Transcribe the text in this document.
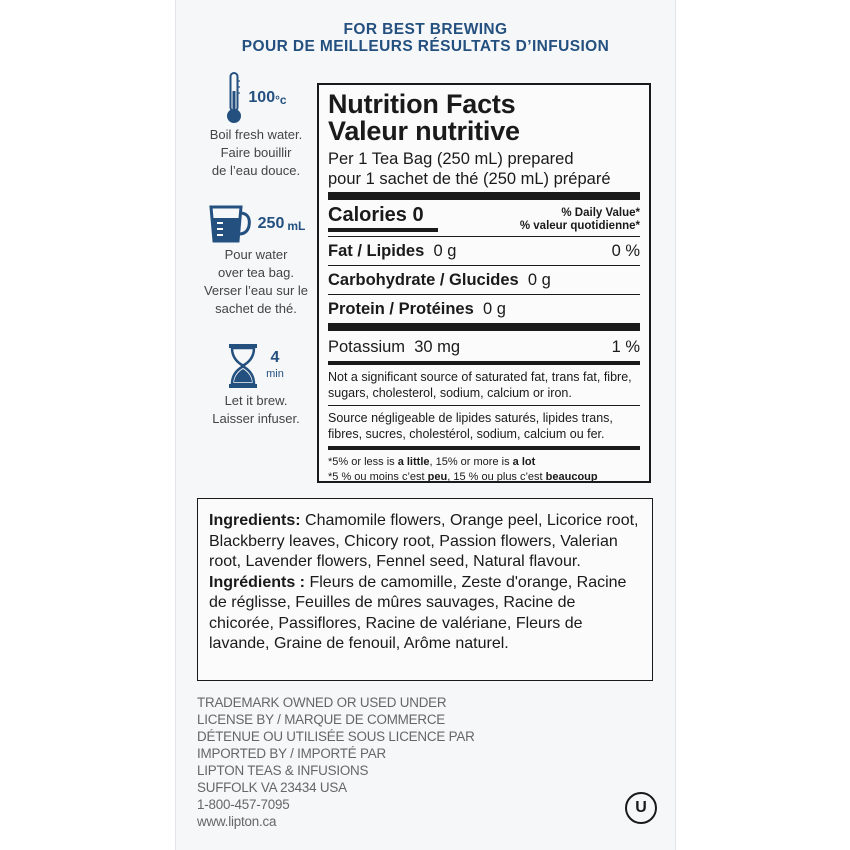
FOR BEST BREWING
POUR DE MEILLEURS RÉSULTATS D’INFUSION
100 °c
Boil fresh water.
Faire bouillir
de l’eau douce.
250 mL
Pour water
over tea bag.
Verser l’eau sur le
sachet de thé.
4
min
Let it brew.
Laisser infuser.
Nutrition Facts
Valeur nutritive
Per 1 Tea Bag (250 mL) prepared
pour 1 sachet de thé (250 mL) préparé
Calories 0	% Daily Value*
% valeur quotidienne*
Fat / Lipides 0 g	0 %
Carbohydrate / Glucides 0 g
Protein / Protéines 0 g
Potassium 30 mg	1 %
Not a significant source of saturated fat, trans fat, fibre, sugars, cholesterol, sodium, calcium or iron.
Source négligeable de lipides saturés, lipides trans, fibres, sucres, cholestérol, sodium, calcium ou fer.
*5% or less is a little, 15% or more is a lot
*5 % ou moins c’est peu, 15 % ou plus c’est beaucoup
Ingredients: Chamomile flowers, Orange peel, Licorice root, Blackberry leaves, Chicory root, Passion flowers, Valerian root, Lavender flowers, Fennel seed, Natural flavour.
Ingrédients : Fleurs de camomille, Zeste d'orange, Racine de réglisse, Feuilles de mûres sauvages, Racine de chicorée, Passiflores, Racine de valériane, Fleurs de lavande, Graine de fenouil, Arôme naturel.
TRADEMARK OWNED OR USED UNDER
LICENSE BY / MARQUE DE COMMERCE
DÉTENUE OU UTILISÉE SOUS LICENCE PAR
IMPORTED BY / IMPORTÉ PAR
LIPTON TEAS & INFUSIONS
SUFFOLK VA 23434 USA
1-800-457-7095
www.lipton.ca
U
